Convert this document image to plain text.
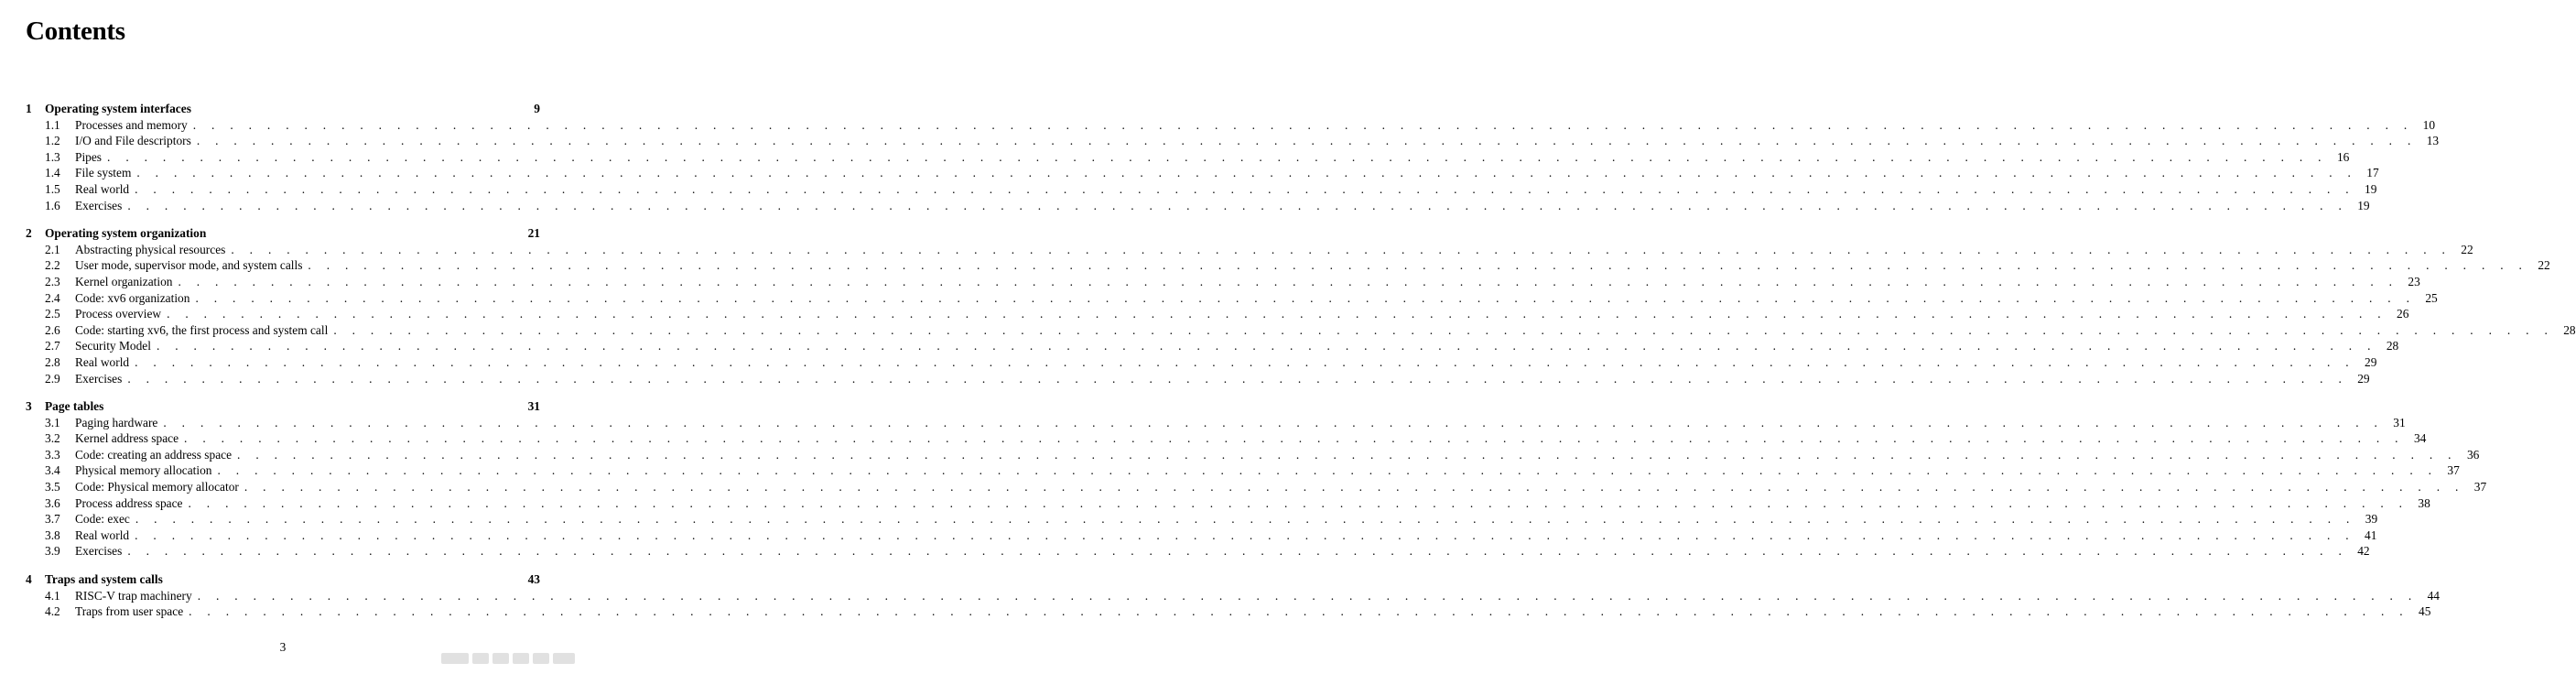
Contents
1	Operating system interfaces	9
1.1	Processes and memory . . . . . . . . . . . . . . . . . . . . . . . . . . . . . . . . . . . . . . . . . . . . . . . . . . . . . . . . . . . . . . . . . . . . . . . . . . . . . . . . . . . . . . . . . . . . . . . . . . . . . . . . . . . . . . . . . . . . . . . . 10
1.2	I/O and File descriptors . . . . . . . . . . . . . . . . . . . . . . . . . . . . . . . . . . . . . . . . . . . . . . . . . . . . . . . . . . . . . . . . . . . . . . . . . . . . . . . . . . . . . . . . . . . . . . . . . . . . . . . . . . . . . . . . . . . . . . . . 13
1.3	Pipes . . . . . . . . . . . . . . . . . . . . . . . . . . . . . . . . . . . . . . . . . . . . . . . . . . . . . . . . . . . . . . . . . . . . . . . . . . . . . . . . . . . . . . . . . . . . . . . . . . . . . . . . . . . . . . . . . . . . . . . . 16
1.4	File system . . . . . . . . . . . . . . . . . . . . . . . . . . . . . . . . . . . . . . . . . . . . . . . . . . . . . . . . . . . . . . . . . . . . . . . . . . . . . . . . . . . . . . . . . . . . . . . . . . . . . . . . . . . . . . . . . . . . . . . . 17
1.5	Real world . . . . . . . . . . . . . . . . . . . . . . . . . . . . . . . . . . . . . . . . . . . . . . . . . . . . . . . . . . . . . . . . . . . . . . . . . . . . . . . . . . . . . . . . . . . . . . . . . . . . . . . . . . . . . . . . . . . . . . . . 19
1.6	Exercises . . . . . . . . . . . . . . . . . . . . . . . . . . . . . . . . . . . . . . . . . . . . . . . . . . . . . . . . . . . . . . . . . . . . . . . . . . . . . . . . . . . . . . . . . . . . . . . . . . . . . . . . . . . . . . . . . . . . . . . . 19
2	Operating system organization	21
2.1	Abstracting physical resources . . . . . . . . . . . . . . . . . . . . . . . . . . . . . . . . . . . . . . . . . . . . . . . . . . . . . . . . . . . . . . . . . . . . . . . . . . . . . . . . . . . . . . . . . . . . . . . . . . . . . . . . . . . . . . . . . . . . . . . . 22
2.2	User mode, supervisor mode, and system calls . . . . . . . . . . . . . . . . . . . . . . . . . . . . . . . . . . . . . . . . . . . . . . . . . . . . . . . . . . . . . . . . . . . . . . . . . . . . . . . . . . . . . . . . . . . . . . . . . . . . . . . . . . . . . . . . . . . . . . . . 22
2.3	Kernel organization . . . . . . . . . . . . . . . . . . . . . . . . . . . . . . . . . . . . . . . . . . . . . . . . . . . . . . . . . . . . . . . . . . . . . . . . . . . . . . . . . . . . . . . . . . . . . . . . . . . . . . . . . . . . . . . . . . . . . . . . 23
2.4	Code: xv6 organization . . . . . . . . . . . . . . . . . . . . . . . . . . . . . . . . . . . . . . . . . . . . . . . . . . . . . . . . . . . . . . . . . . . . . . . . . . . . . . . . . . . . . . . . . . . . . . . . . . . . . . . . . . . . . . . . . . . . . . . . 25
2.5	Process overview . . . . . . . . . . . . . . . . . . . . . . . . . . . . . . . . . . . . . . . . . . . . . . . . . . . . . . . . . . . . . . . . . . . . . . . . . . . . . . . . . . . . . . . . . . . . . . . . . . . . . . . . . . . . . . . . . . . . . . . . 26
2.6	Code: starting xv6, the first process and system call . . . . . . . . . . . . . . . . . . . . . . . . . . . . . . . . . . . . . . . . . . . . . . . . . . . . . . . . . . . . . . . . . . . . . . . . . . . . . . . . . . . . . . . . . . . . . . . . . . . . . . . . . . . . . . . . . . . . . . . . 28
2.7	Security Model . . . . . . . . . . . . . . . . . . . . . . . . . . . . . . . . . . . . . . . . . . . . . . . . . . . . . . . . . . . . . . . . . . . . . . . . . . . . . . . . . . . . . . . . . . . . . . . . . . . . . . . . . . . . . . . . . . . . . . . . 28
2.8	Real world . . . . . . . . . . . . . . . . . . . . . . . . . . . . . . . . . . . . . . . . . . . . . . . . . . . . . . . . . . . . . . . . . . . . . . . . . . . . . . . . . . . . . . . . . . . . . . . . . . . . . . . . . . . . . . . . . . . . . . . . 29
2.9	Exercises . . . . . . . . . . . . . . . . . . . . . . . . . . . . . . . . . . . . . . . . . . . . . . . . . . . . . . . . . . . . . . . . . . . . . . . . . . . . . . . . . . . . . . . . . . . . . . . . . . . . . . . . . . . . . . . . . . . . . . . . 29
3	Page tables	31
3.1	Paging hardware . . . . . . . . . . . . . . . . . . . . . . . . . . . . . . . . . . . . . . . . . . . . . . . . . . . . . . . . . . . . . . . . . . . . . . . . . . . . . . . . . . . . . . . . . . . . . . . . . . . . . . . . . . . . . . . . . . . . . . . . 31
3.2	Kernel address space . . . . . . . . . . . . . . . . . . . . . . . . . . . . . . . . . . . . . . . . . . . . . . . . . . . . . . . . . . . . . . . . . . . . . . . . . . . . . . . . . . . . . . . . . . . . . . . . . . . . . . . . . . . . . . . . . . . . . . . . 34
3.3	Code: creating an address space . . . . . . . . . . . . . . . . . . . . . . . . . . . . . . . . . . . . . . . . . . . . . . . . . . . . . . . . . . . . . . . . . . . . . . . . . . . . . . . . . . . . . . . . . . . . . . . . . . . . . . . . . . . . . . . . . . . . . . . . 36
3.4	Physical memory allocation . . . . . . . . . . . . . . . . . . . . . . . . . . . . . . . . . . . . . . . . . . . . . . . . . . . . . . . . . . . . . . . . . . . . . . . . . . . . . . . . . . . . . . . . . . . . . . . . . . . . . . . . . . . . . . . . . . . . . . . . 37
3.5	Code: Physical memory allocator . . . . . . . . . . . . . . . . . . . . . . . . . . . . . . . . . . . . . . . . . . . . . . . . . . . . . . . . . . . . . . . . . . . . . . . . . . . . . . . . . . . . . . . . . . . . . . . . . . . . . . . . . . . . . . . . . . . . . . . . 37
3.6	Process address space . . . . . . . . . . . . . . . . . . . . . . . . . . . . . . . . . . . . . . . . . . . . . . . . . . . . . . . . . . . . . . . . . . . . . . . . . . . . . . . . . . . . . . . . . . . . . . . . . . . . . . . . . . . . . . . . . . . . . . . . 38
3.7	Code: exec . . . . . . . . . . . . . . . . . . . . . . . . . . . . . . . . . . . . . . . . . . . . . . . . . . . . . . . . . . . . . . . . . . . . . . . . . . . . . . . . . . . . . . . . . . . . . . . . . . . . . . . . . . . . . . . . . . . . . . . . 39
3.8	Real world . . . . . . . . . . . . . . . . . . . . . . . . . . . . . . . . . . . . . . . . . . . . . . . . . . . . . . . . . . . . . . . . . . . . . . . . . . . . . . . . . . . . . . . . . . . . . . . . . . . . . . . . . . . . . . . . . . . . . . . . 41
3.9	Exercises . . . . . . . . . . . . . . . . . . . . . . . . . . . . . . . . . . . . . . . . . . . . . . . . . . . . . . . . . . . . . . . . . . . . . . . . . . . . . . . . . . . . . . . . . . . . . . . . . . . . . . . . . . . . . . . . . . . . . . . . 42
4	Traps and system calls	43
4.1	RISC-V trap machinery . . . . . . . . . . . . . . . . . . . . . . . . . . . . . . . . . . . . . . . . . . . . . . . . . . . . . . . . . . . . . . . . . . . . . . . . . . . . . . . . . . . . . . . . . . . . . . . . . . . . . . . . . . . . . . . . . . . . . . . . 44
4.2	Traps from user space . . . . . . . . . . . . . . . . . . . . . . . . . . . . . . . . . . . . . . . . . . . . . . . . . . . . . . . . . . . . . . . . . . . . . . . . . . . . . . . . . . . . . . . . . . . . . . . . . . . . . . . . . . . . . . . . . . . . . . . . 45
3
